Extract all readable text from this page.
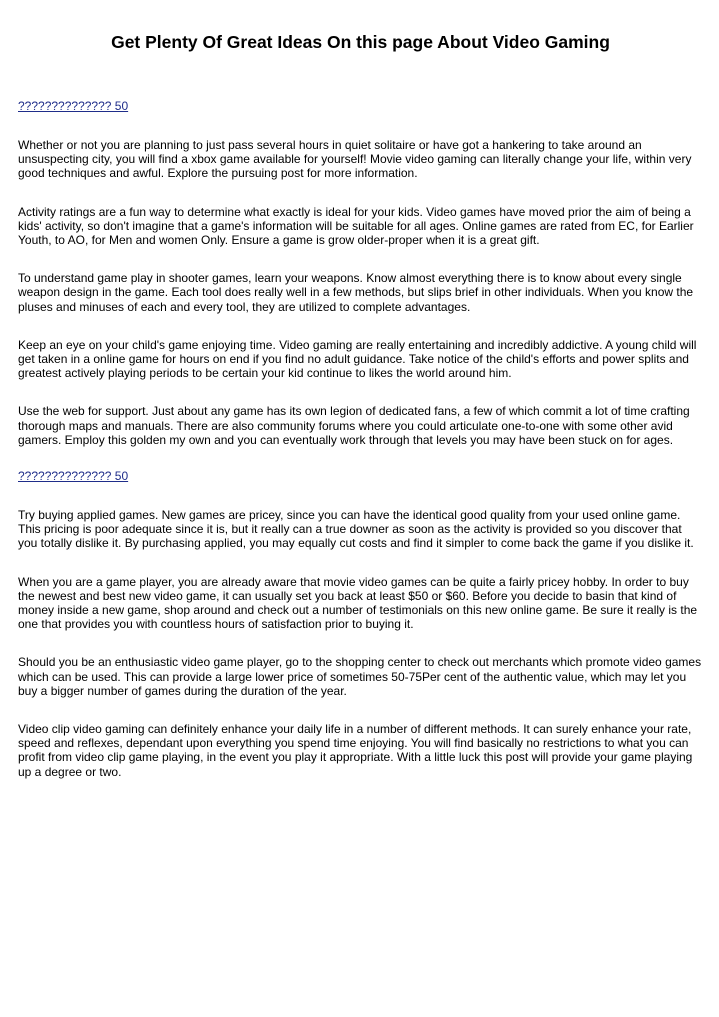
Get Plenty Of Great Ideas On this page About Video Gaming
?????????????? 50

Whether or not you are planning to just pass several hours in quiet solitaire or have got a hankering to take around an unsuspecting city, you will find a xbox game available for yourself! Movie video gaming can literally change your life, within very good techniques and awful. Explore the pursuing post for more information.

Activity ratings are a fun way to determine what exactly is ideal for your kids. Video games have moved prior the aim of being a kids' activity, so don't imagine that a game's information will be suitable for all ages. Online games are rated from EC, for Earlier Youth, to AO, for Men and women Only. Ensure a game is grow older-proper when it is a great gift.

To understand game play in shooter games, learn your weapons. Know almost everything there is to know about every single weapon design in the game. Each tool does really well in a few methods, but slips brief in other individuals. When you know the pluses and minuses of each and every tool, they are utilized to complete advantages.

Keep an eye on your child's game enjoying time. Video gaming are really entertaining and incredibly addictive. A young child will get taken in a online game for hours on end if you find no adult guidance. Take notice of the child's efforts and power splits and greatest actively playing periods to be certain your kid continue to likes the world around him.

Use the web for support. Just about any game has its own legion of dedicated fans, a few of which commit a lot of time crafting thorough maps and manuals. There are also community forums where you could articulate one-to-one with some other avid gamers. Employ this golden my own and you can eventually work through that levels you may have been stuck on for ages.

?????????????? 50

Try buying applied games. New games are pricey, since you can have the identical good quality from your used online game. This pricing is poor adequate since it is, but it really can a true downer as soon as the activity is provided so you discover that you totally dislike it. By purchasing applied, you may equally cut costs and find it simpler to come back the game if you dislike it.

When you are a game player, you are already aware that movie video games can be quite a fairly pricey hobby. In order to buy the newest and best new video game, it can usually set you back at least $50 or $60. Before you decide to basin that kind of money inside a new game, shop around and check out a number of testimonials on this new online game. Be sure it really is the one that provides you with countless hours of satisfaction prior to buying it.

Should you be an enthusiastic video game player, go to the shopping center to check out merchants which promote video games which can be used. This can provide a large lower price of sometimes 50-75Per cent of the authentic value, which may let you buy a bigger number of games during the duration of the year.

Video clip video gaming can definitely enhance your daily life in a number of different methods. It can surely enhance your rate, speed and reflexes, dependant upon everything you spend time enjoying. You will find basically no restrictions to what you can profit from video clip game playing, in the event you play it appropriate. With a little luck this post will provide your game playing up a degree or two.
